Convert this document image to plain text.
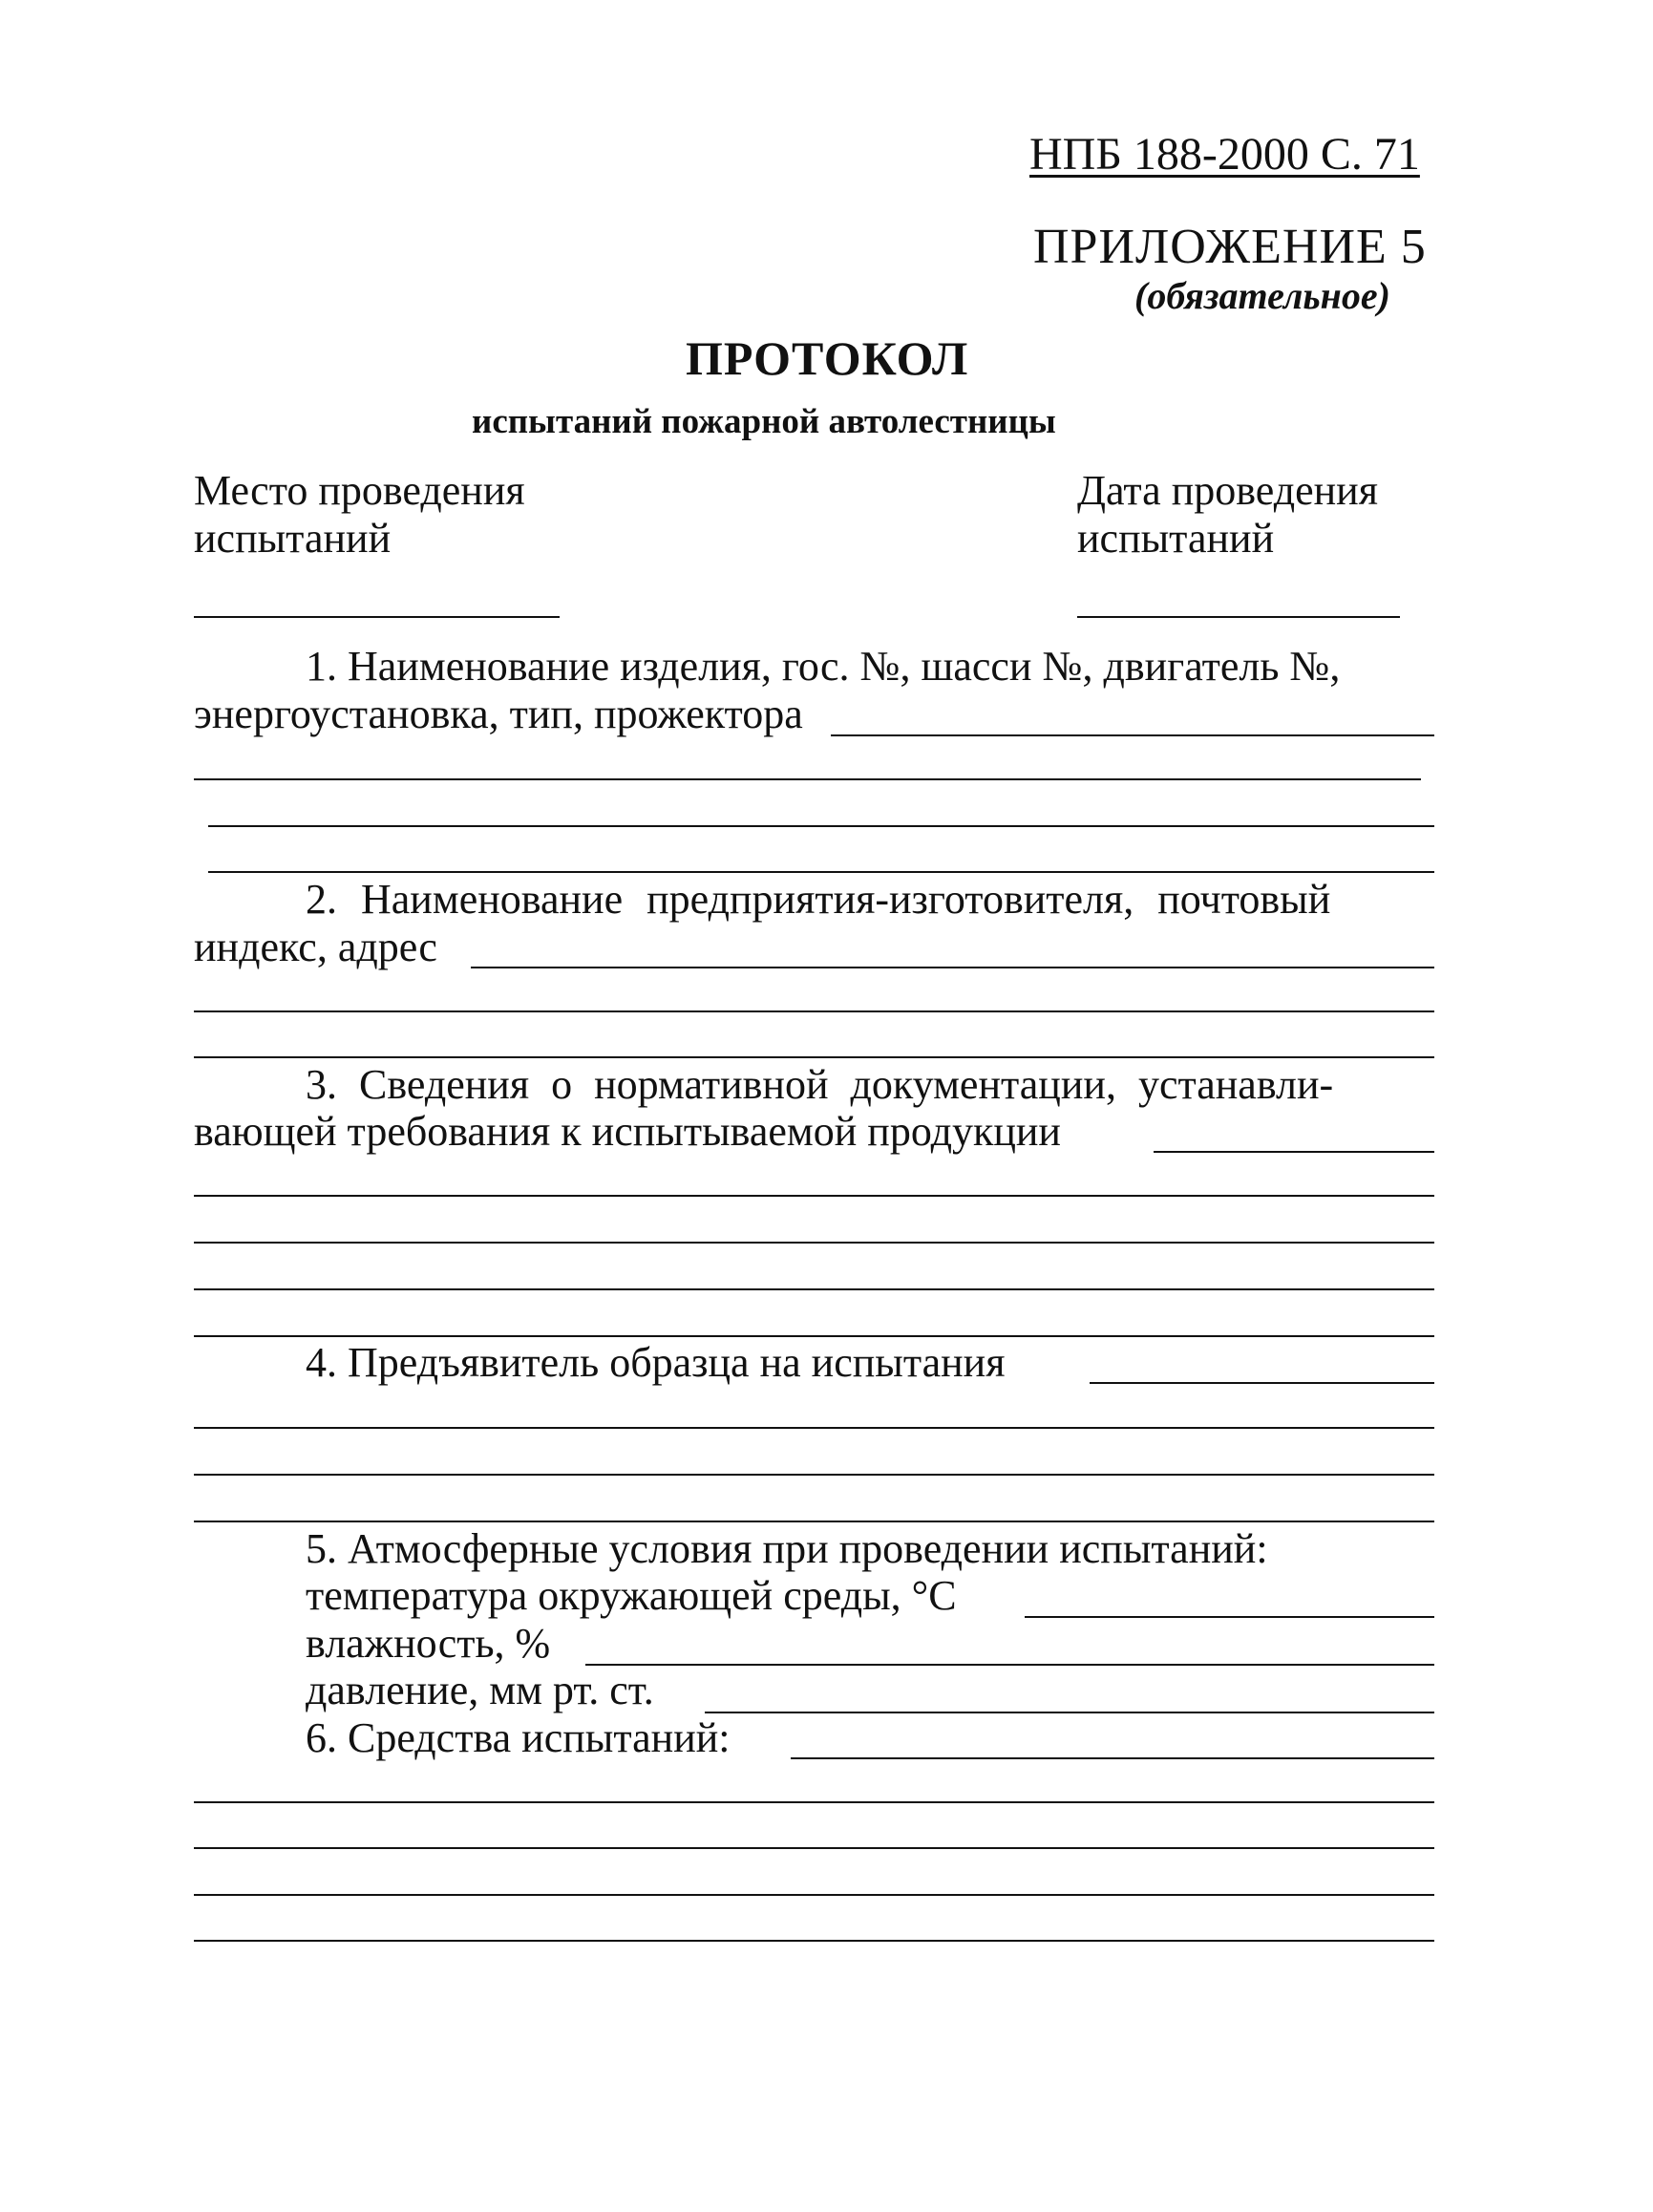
НПБ 188-2000 С. 71
ПРИЛОЖЕНИЕ 5
(обязательное)
ПРОТОКОЛ
испытаний пожарной автолестницы
Место проведения
испытаний
Дата проведения
испытаний
1. Наименование изделия, гос. №, шасси №, двигатель №,
энергоустановка, тип, прожектора
2. Наименование предприятия-изготовителя, почтовый
индекс, адрес
3. Сведения о нормативной документации, устанавли-
вающей требования к испытываемой продукции
4. Предъявитель образца на испытания
5. Атмосферные условия при проведении испытаний:
температура окружающей среды, °С
влажность, %
давление, мм рт. ст.
6. Средства испытаний:
